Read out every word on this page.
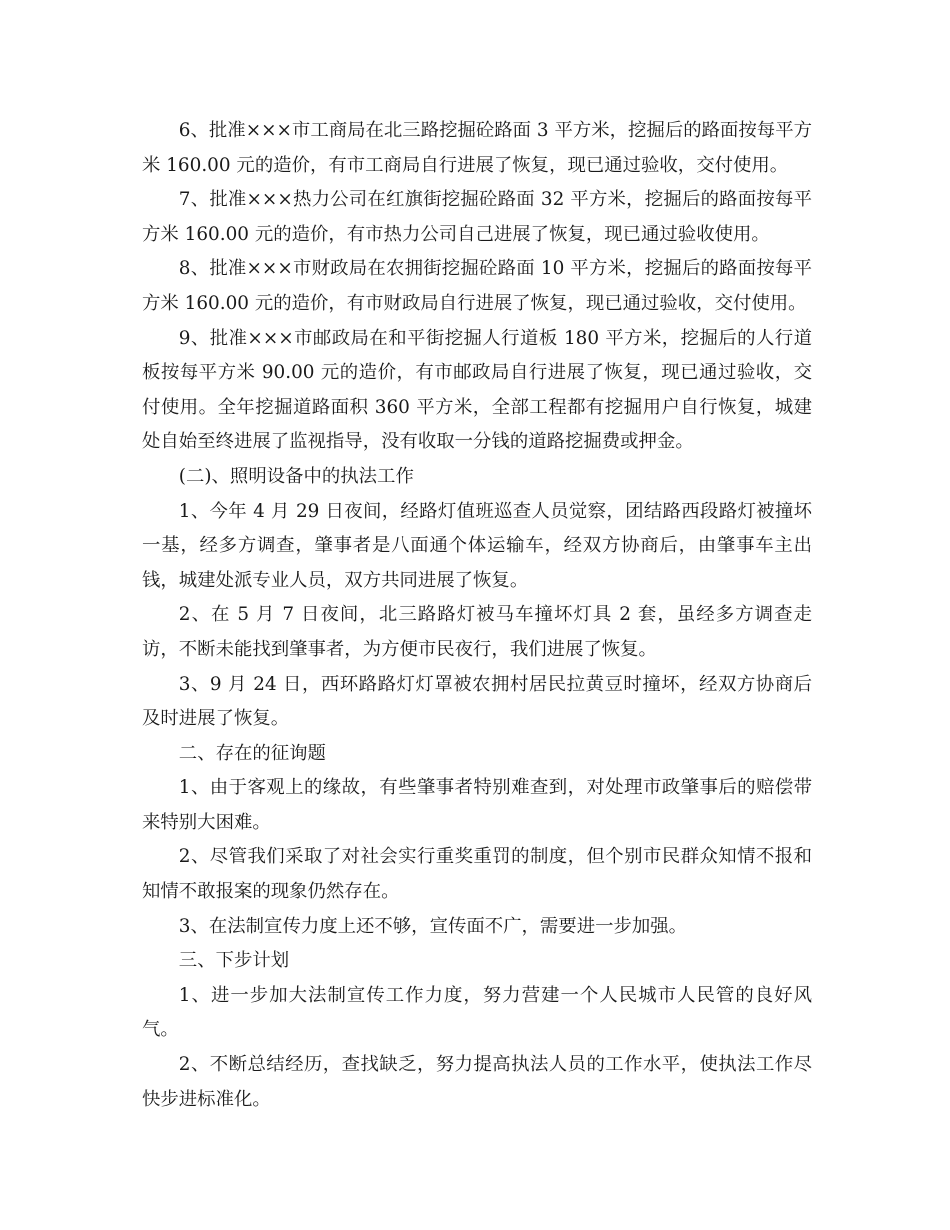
6、批准×××市工商局在北三路挖掘砼路面 3 平方米，挖掘后的路面按每平方米 160.00 元的造价，有市工商局自行进展了恢复，现已通过验收，交付使用。

7、批准×××热力公司在红旗街挖掘砼路面 32 平方米，挖掘后的路面按每平方米 160.00 元的造价，有市热力公司自己进展了恢复，现已通过验收使用。

8、批准×××市财政局在农拥街挖掘砼路面 10 平方米，挖掘后的路面按每平方米 160.00 元的造价，有市财政局自行进展了恢复，现已通过验收，交付使用。

9、批准×××市邮政局在和平街挖掘人行道板 180 平方米，挖掘后的人行道板按每平方米 90.00 元的造价，有市邮政局自行进展了恢复，现已通过验收，交付使用。全年挖掘道路面积 360 平方米，全部工程都有挖掘用户自行恢复，城建处自始至终进展了监视指导，没有收取一分钱的道路挖掘费或押金。

(二)、照明设备中的执法工作

1、今年 4 月 29 日夜间，经路灯值班巡查人员觉察，团结路西段路灯被撞坏一基，经多方调查，肇事者是八面通个体运输车，经双方协商后，由肇事车主出钱，城建处派专业人员，双方共同进展了恢复。

2、在 5 月 7 日夜间，北三路路灯被马车撞坏灯具 2 套，虽经多方调查走访，不断未能找到肇事者，为方便市民夜行，我们进展了恢复。

3、9 月 24 日，西环路路灯灯罩被农拥村居民拉黄豆时撞坏，经双方协商后及时进展了恢复。

二、存在的征询题

1、由于客观上的缘故，有些肇事者特别难查到，对处理市政肇事后的赔偿带来特别大困难。

2、尽管我们采取了对社会实行重奖重罚的制度，但个别市民群众知情不报和知情不敢报案的现象仍然存在。

3、在法制宣传力度上还不够，宣传面不广，需要进一步加强。

三、下步计划

1、进一步加大法制宣传工作力度，努力营建一个人民城市人民管的良好风气。

2、不断总结经历，查找缺乏，努力提高执法人员的工作水平，使执法工作尽快步进标准化。
